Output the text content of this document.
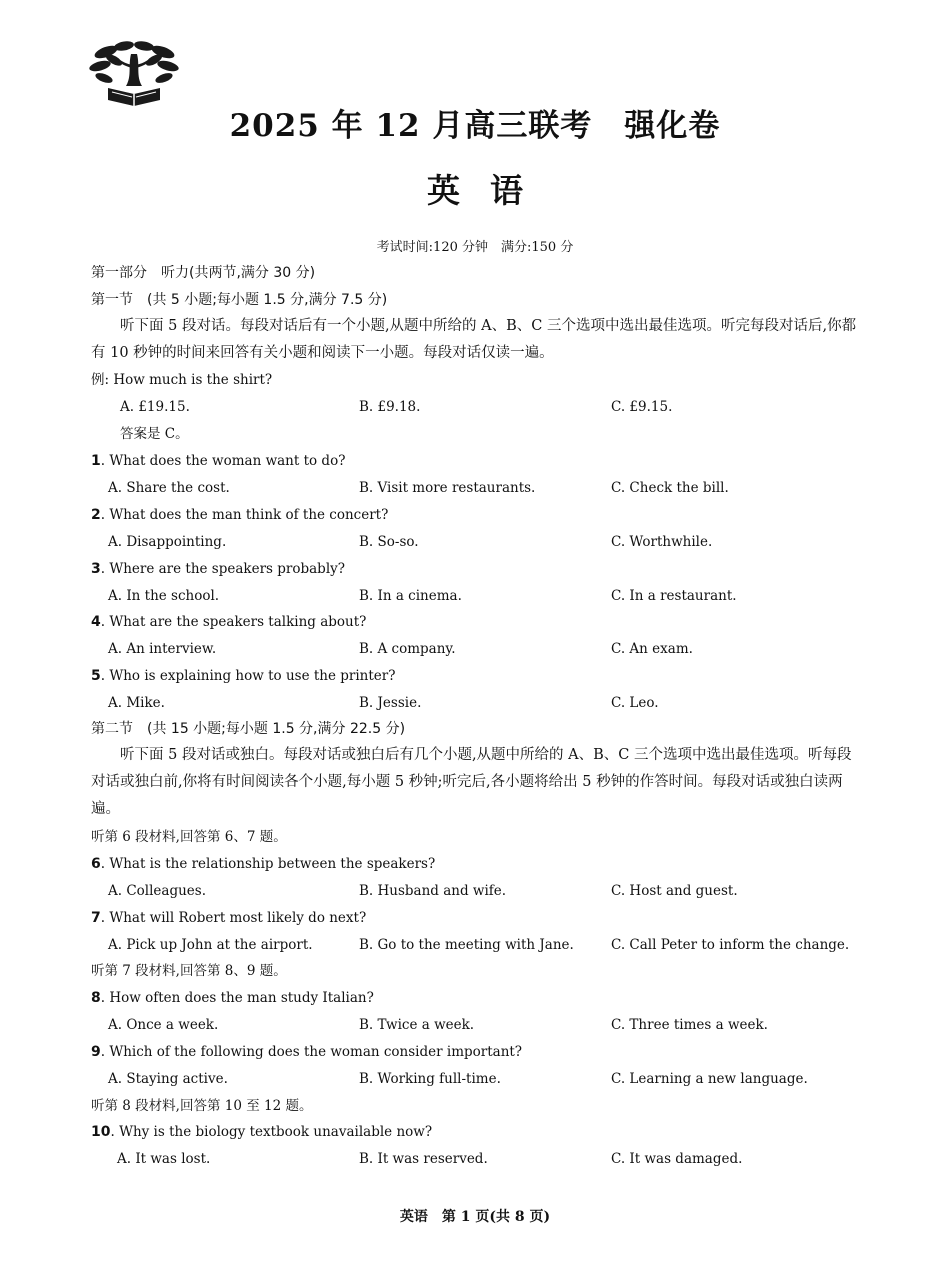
2025 年 12 月高三联考　强化卷
英语
考试时间:120 分钟　满分:150 分
第一部分　听力(共两节,满分 30 分)
第一节　(共 5 小题;每小题 1.5 分,满分 7.5 分)
听下面 5 段对话。每段对话后有一个小题,从题中所给的 A、B、C 三个选项中选出最佳选项。听完每段对话后,你都有 10 秒钟的时间来回答有关小题和阅读下一小题。每段对话仅读一遍。
例: How much is the shirt?
A. £19.15.	B. £9.18.	C. £9.15.
答案是 C。
1. What does the woman want to do?
A. Share the cost.	B. Visit more restaurants.	C. Check the bill.
2. What does the man think of the concert?
A. Disappointing.	B. So-so.	C. Worthwhile.
3. Where are the speakers probably?
A. In the school.	B. In a cinema.	C. In a restaurant.
4. What are the speakers talking about?
A. An interview.	B. A company.	C. An exam.
5. Who is explaining how to use the printer?
A. Mike.	B. Jessie.	C. Leo.
第二节　(共 15 小题;每小题 1.5 分,满分 22.5 分)
听下面 5 段对话或独白。每段对话或独白后有几个小题,从题中所给的 A、B、C 三个选项中选出最佳选项。听每段对话或独白前,你将有时间阅读各个小题,每小题 5 秒钟;听完后,各小题将给出 5 秒钟的作答时间。每段对话或独白读两遍。
听第 6 段材料,回答第 6、7 题。
6. What is the relationship between the speakers?
A. Colleagues.	B. Husband and wife.	C. Host and guest.
7. What will Robert most likely do next?
A. Pick up John at the airport.	B. Go to the meeting with Jane.	C. Call Peter to inform the change.
听第 7 段材料,回答第 8、9 题。
8. How often does the man study Italian?
A. Once a week.	B. Twice a week.	C. Three times a week.
9. Which of the following does the woman consider important?
A. Staying active.	B. Working full-time.	C. Learning a new language.
听第 8 段材料,回答第 10 至 12 题。
10. Why is the biology textbook unavailable now?
A. It was lost.	B. It was reserved.	C. It was damaged.
英语　第 1 页(共 8 页)
